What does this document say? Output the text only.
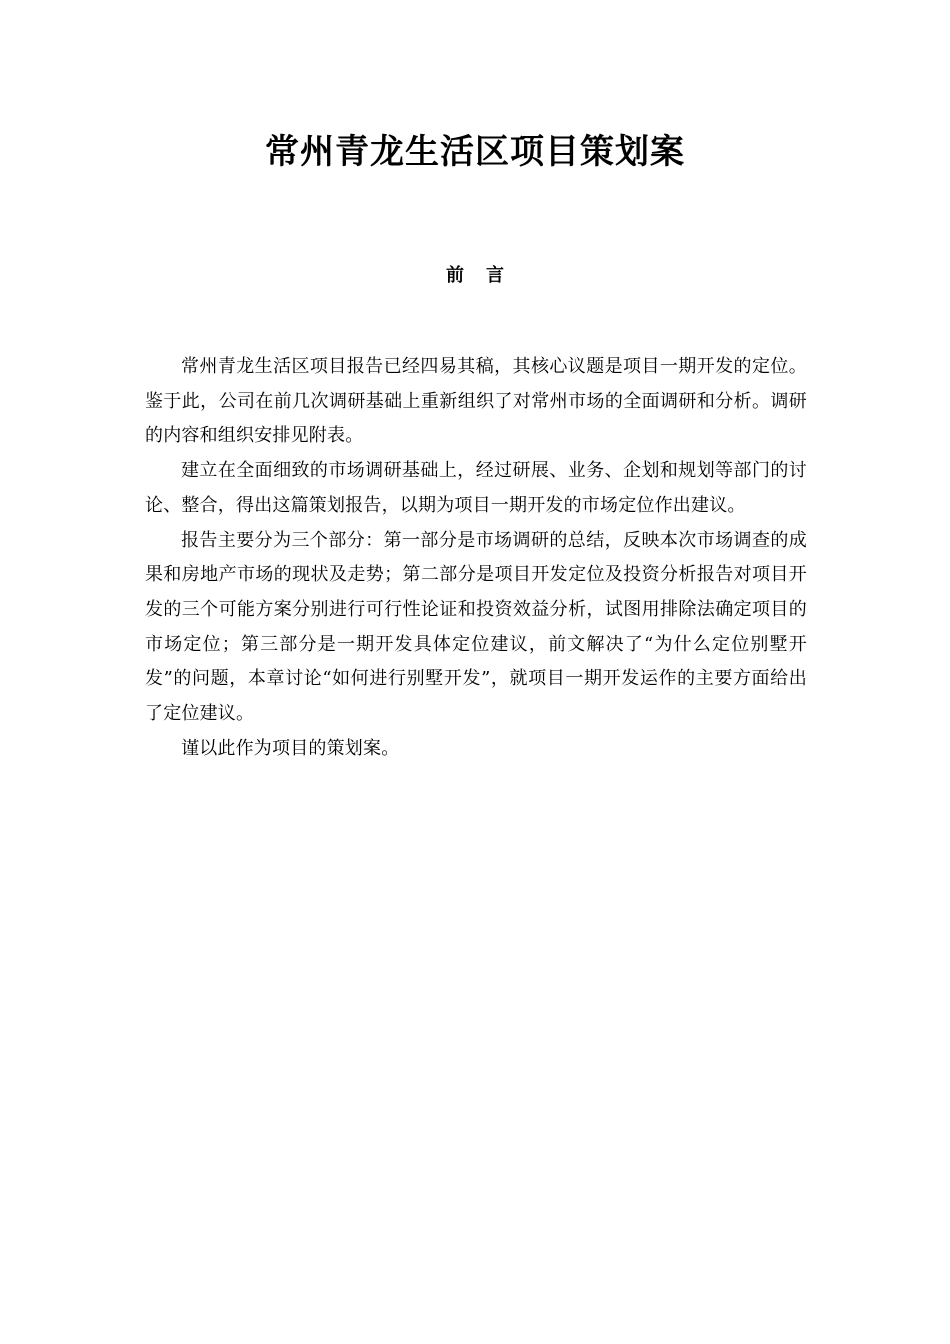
常州青龙生活区项目策划案
前言

常州青龙生活区项目报告已经四易其稿，其核心议题是项目一期开发的定位。鉴于此，公司在前几次调研基础上重新组织了对常州市场的全面调研和分析。调研的内容和组织安排见附表。

建立在全面细致的市场调研基础上，经过研展、业务、企划和规划等部门的讨论、整合，得出这篇策划报告，以期为项目一期开发的市场定位作出建议。

报告主要分为三个部分：第一部分是市场调研的总结，反映本次市场调查的成果和房地产市场的现状及走势；第二部分是项目开发定位及投资分析报告对项目开发的三个可能方案分别进行可行性论证和投资效益分析，试图用排除法确定项目的市场定位；第三部分是一期开发具体定位建议，前文解决了“为什么定位别墅开发”的问题，本章讨论“如何进行别墅开发”，就项目一期开发运作的主要方面给出了定位建议。

谨以此作为项目的策划案。
